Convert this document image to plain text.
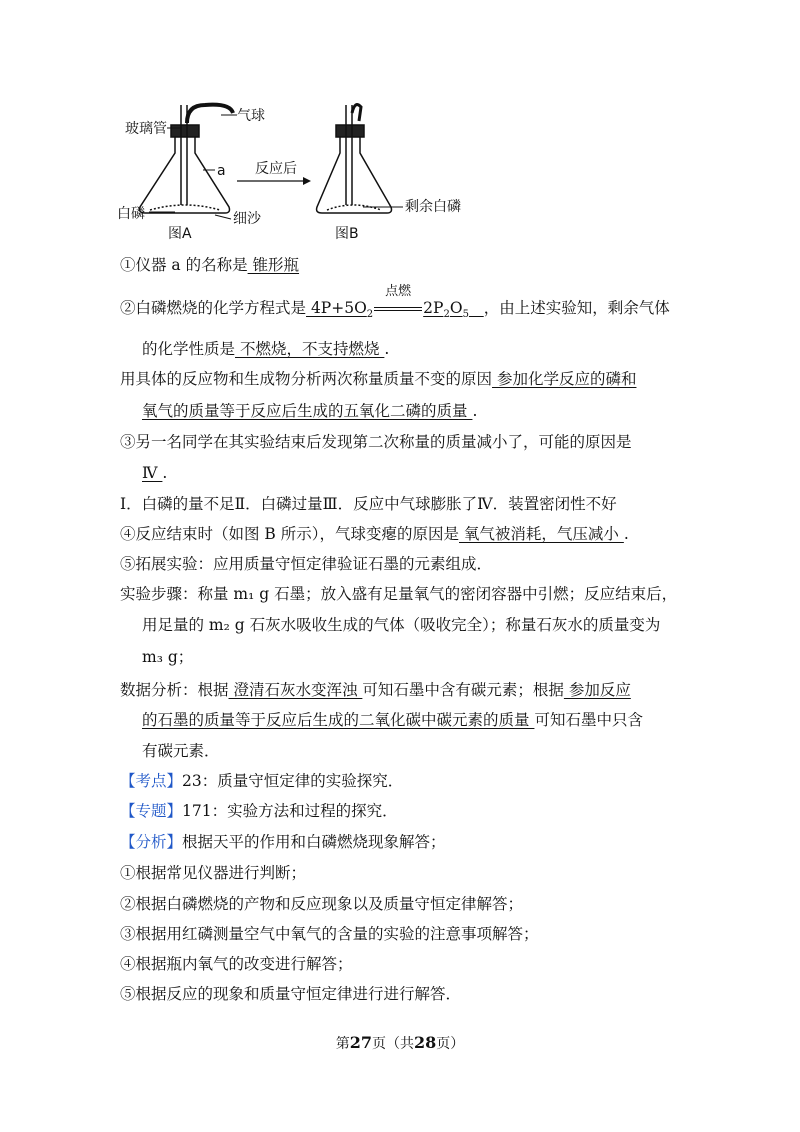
玻璃管
气球
a
白磷	细沙
图A
反应后
剩余白磷
图B
①仪器 a 的名称是 锥形瓶
②白磷燃烧的化学方程式是 $4P+5O_2$
点燃
$2P_2O_5$ ，由上述实验知，剩余气体
的化学性质是 不燃烧，不支持燃烧 .
用具体的反应物和生成物分析两次称量质量不变的原因 参加化学反应的磷和
氧气的质量等于反应后生成的五氧化二磷的质量 .
③另一名同学在其实验结束后发现第二次称量的质量减小了，可能的原因是
Ⅳ .
Ⅰ．白磷的量不足Ⅱ．白磷过量Ⅲ．反应中气球膨胀了Ⅳ．装置密闭性不好
④反应结束时（如图 B 所示），气球变瘪的原因是 氧气被消耗，气压减小 .
⑤拓展实验：应用质量守恒定律验证石墨的元素组成．
实验步骤：称量 m₁ g 石墨；放入盛有足量氧气的密闭容器中引燃；反应结束后，
用足量的 m₂ g 石灰水吸收生成的气体（吸收完全）；称量石灰水的质量变为
m₃ g；
数据分析：根据 澄清石灰水变浑浊 可知石墨中含有碳元素；根据 参加反应
的石墨的质量等于反应后生成的二氧化碳中碳元素的质量 可知石墨中只含
有碳元素．
【考点】23：质量守恒定律的实验探究．
【专题】171：实验方法和过程的探究．
【分析】根据天平的作用和白磷燃烧现象解答；
①根据常见仪器进行判断；
②根据白磷燃烧的产物和反应现象以及质量守恒定律解答；
③根据用红磷测量空气中氧气的含量的实验的注意事项解答；
④根据瓶内氧气的改变进行解答；
⑤根据反应的现象和质量守恒定律进行进行解答．
第27页（共28页）
